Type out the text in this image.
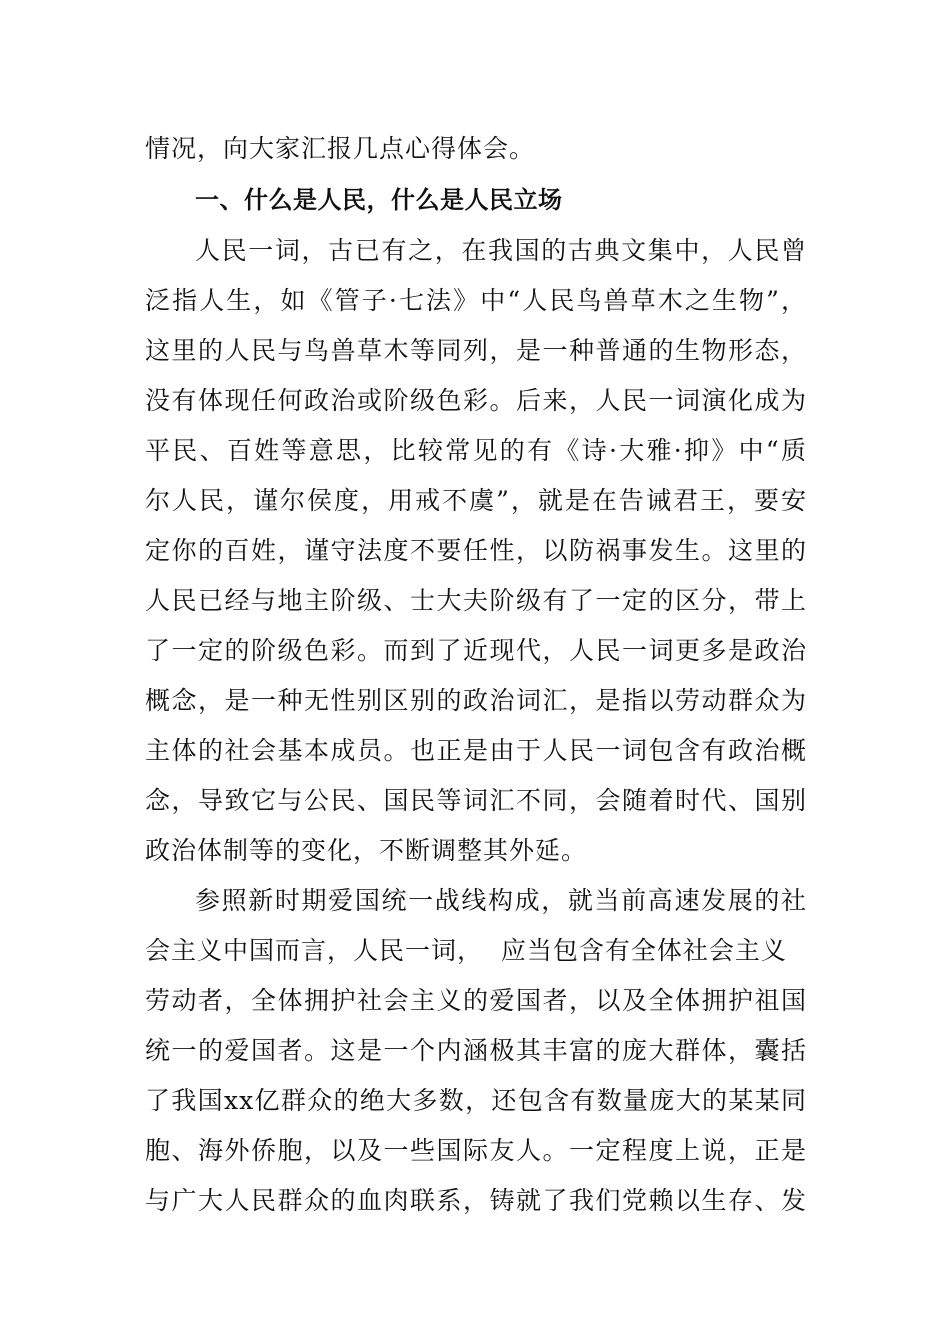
情况，向大家汇报几点心得体会。
一、什么是人民，什么是人民立场
人民一词，古已有之，在我国的古典文集中，人民曾
泛指人生，如《管子·七法》中“人民鸟兽草木之生物”，
这里的人民与鸟兽草木等同列，是一种普通的生物形态，
没有体现任何政治或阶级色彩。后来，人民一词演化成为
平民、百姓等意思，比较常见的有《诗·大雅·抑》中“质
尔人民，谨尔侯度，用戒不虞”，就是在告诫君王，要安
定你的百姓，谨守法度不要任性，以防祸事发生。这里的
人民已经与地主阶级、士大夫阶级有了一定的区分，带上
了一定的阶级色彩。而到了近现代，人民一词更多是政治
概念，是一种无性别区别的政治词汇，是指以劳动群众为
主体的社会基本成员。也正是由于人民一词包含有政治概
念，导致它与公民、国民等词汇不同，会随着时代、国别
政治体制等的变化，不断调整其外延。
参照新时期爱国统一战线构成，就当前高速发展的社
会主义中国而言，人民一词，  应当包含有全体社会主义
劳动者，全体拥护社会主义的爱国者，以及全体拥护祖国
统一的爱国者。这是一个内涵极其丰富的庞大群体，囊括
了我国xx亿群众的绝大多数，还包含有数量庞大的某某同
胞、海外侨胞，以及一些国际友人。一定程度上说，正是
与广大人民群众的血肉联系，铸就了我们党赖以生存、发
